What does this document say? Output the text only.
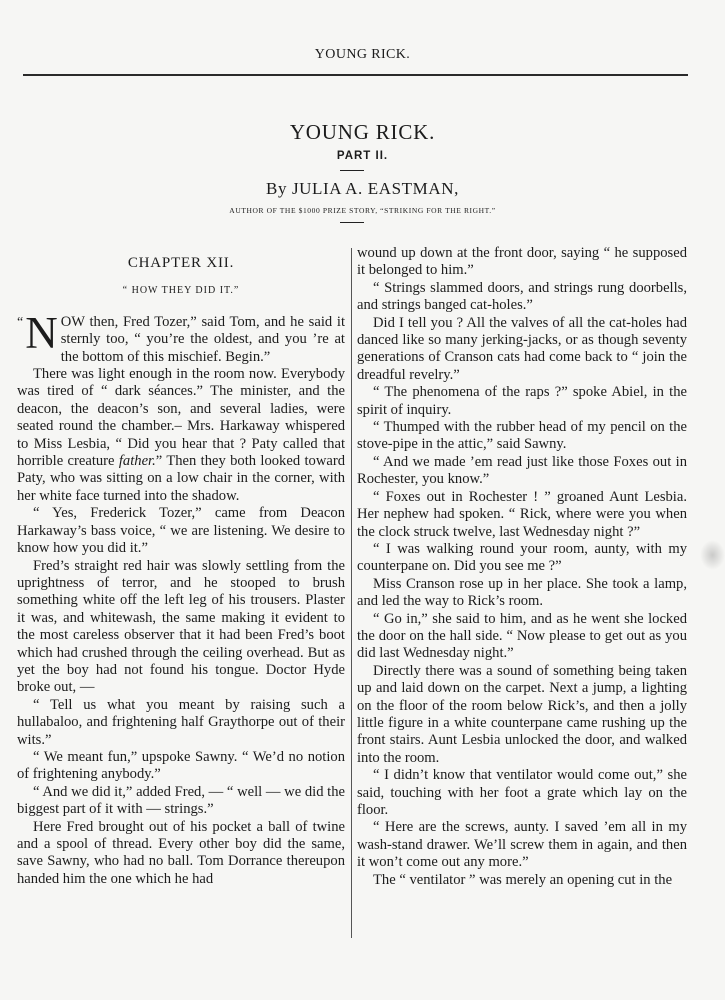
YOUNG RICK.
YOUNG RICK.
PART II.
By JULIA A. EASTMAN,
AUTHOR OF THE $1000 PRIZE STORY, “STRIKING FOR THE RIGHT.”
CHAPTER XII.
“ HOW THEY DID IT.”

“ N OW then, Fred Tozer,” said Tom, and he said it sternly too, “ you’re the oldest, and you ’re at the bottom of this mischief. Begin.”

There was light enough in the room now. Everybody was tired of “ dark séances.” The minister, and the deacon, the deacon’s son, and several ladies, were seated round the chamber.– Mrs. Harkaway whispered to Miss Lesbia, “ Did you hear that ? Paty called that horrible creature father.” Then they both looked toward Paty, who was sitting on a low chair in the corner, with her white face turned into the shadow.

“ Yes, Frederick Tozer,” came from Deacon Harkaway’s bass voice, “ we are listening. We desire to know how you did it.”

Fred’s straight red hair was slowly settling from the uprightness of terror, and he stooped to brush something white off the left leg of his trousers. Plaster it was, and whitewash, the same making it evident to the most careless observer that it had been Fred’s boot which had crushed through the ceiling overhead. But as yet the boy had not found his tongue. Doctor Hyde broke out, —

“ Tell us what you meant by raising such a hullabaloo, and frightening half Graythorpe out of their wits.”

“ We meant fun,” upspoke Sawny. “ We’d no notion of frightening anybody.”

“ And we did it,” added Fred, — “ well — we did the biggest part of it with — strings.”

Here Fred brought out of his pocket a ball of twine and a spool of thread. Every other boy did the same, save Sawny, who had no ball. Tom Dorrance thereupon handed him the one which he had

wound up down at the front door, saying “ he supposed it belonged to him.”

“ Strings slammed doors, and strings rung doorbells, and strings banged cat-holes.”

Did I tell you ? All the valves of all the cat-holes had danced like so many jerking-jacks, or as though seventy generations of Cranson cats had come back to “ join the dreadful revelry.”

“ The phenomena of the raps ?” spoke Abiel, in the spirit of inquiry.

“ Thumped with the rubber head of my pencil on the stove-pipe in the attic,” said Sawny.

“ And we made ’em read just like those Foxes out in Rochester, you know.”

“ Foxes out in Rochester ! ” groaned Aunt Lesbia. Her nephew had spoken. “ Rick, where were you when the clock struck twelve, last Wednesday night ?”

“ I was walking round your room, aunty, with my counterpane on. Did you see me ?”

Miss Cranson rose up in her place. She took a lamp, and led the way to Rick’s room.

“ Go in,” she said to him, and as he went she locked the door on the hall side. “ Now please to get out as you did last Wednesday night.”

Directly there was a sound of something being taken up and laid down on the carpet. Next a jump, a lighting on the floor of the room below Rick’s, and then a jolly little figure in a white counterpane came rushing up the front stairs. Aunt Lesbia unlocked the door, and walked into the room.

“ I didn’t know that ventilator would come out,” she said, touching with her foot a grate which lay on the floor.

“ Here are the screws, aunty. I saved ’em all in my wash-stand drawer. We’ll screw them in again, and then it won’t come out any more.”

The “ ventilator ” was merely an opening cut in the
